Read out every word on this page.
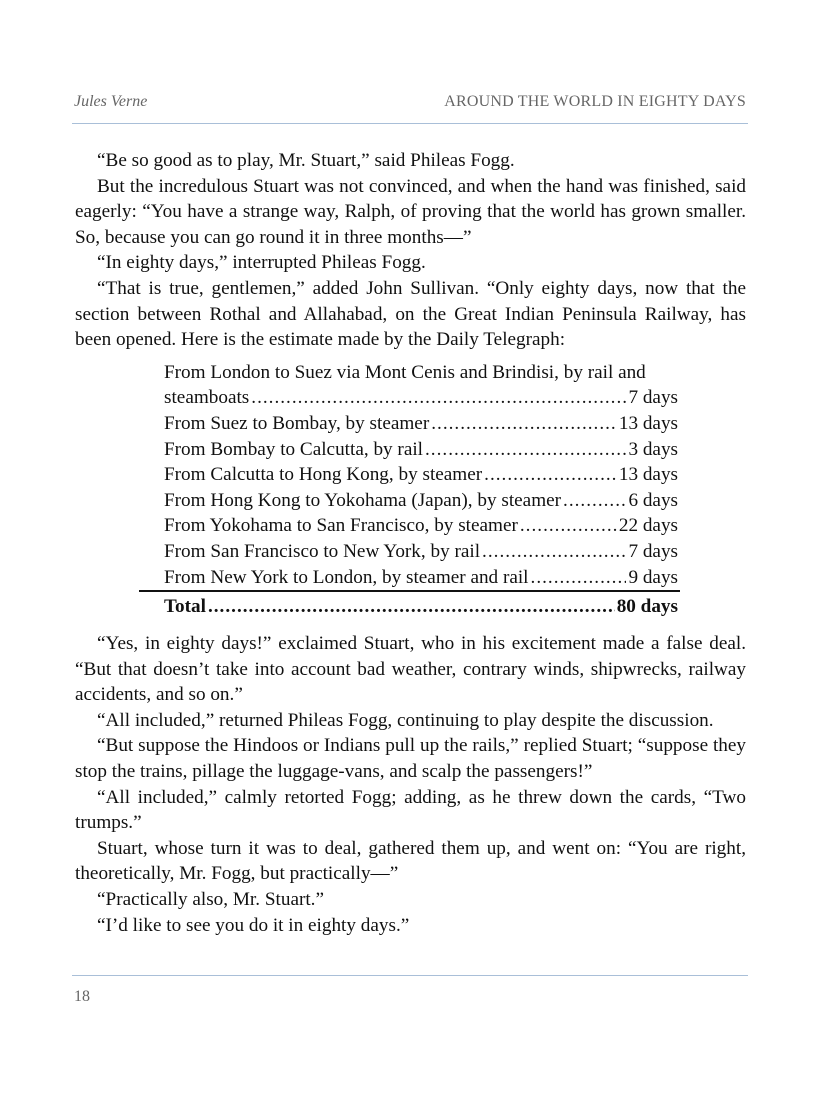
Jules Verne	AROUND THE WORLD IN EIGHTY DAYS

“Be so good as to play, Mr. Stuart,” said Phileas Fogg.

But the incredulous Stuart was not convinced, and when the hand was finished, said eagerly: “You have a strange way, Ralph, of proving that the world has grown smaller. So, because you can go round it in three months—”

“In eighty days,” interrupted Phileas Fogg.

“That is true, gentlemen,” added John Sullivan. “Only eighty days, now that the section between Rothal and Allahabad, on the Great Indian Peninsula Railway, has been opened. Here is the estimate made by the Daily Telegraph:

From London to Suez via Mont Cenis and Brindisi, by rail and
steamboats .....	7 days
From Suez to Bombay, by steamer .....	13 days
From Bombay to Calcutta, by rail .....	3 days
From Calcutta to Hong Kong, by steamer .....	13 days
From Hong Kong to Yokohama (Japan), by steamer .....	6 days
From Yokohama to San Francisco, by steamer .....	22 days
From San Francisco to New York, by rail .....	7 days
From New York to London, by steamer and rail .....	9 days
Total .....	80 days

“Yes, in eighty days!” exclaimed Stuart, who in his excitement made a false deal. “But that doesn’t take into account bad weather, contrary winds, shipwrecks, railway accidents, and so on.”

“All included,” returned Phileas Fogg, continuing to play despite the discussion.

“But suppose the Hindoos or Indians pull up the rails,” replied Stuart; “suppose they stop the trains, pillage the luggage-vans, and scalp the passengers!”

“All included,” calmly retorted Fogg; adding, as he threw down the cards, “Two trumps.”

Stuart, whose turn it was to deal, gathered them up, and went on: “You are right, theoretically, Mr. Fogg, but practically—”

“Practically also, Mr. Stuart.”

“I’d like to see you do it in eighty days.”

18
